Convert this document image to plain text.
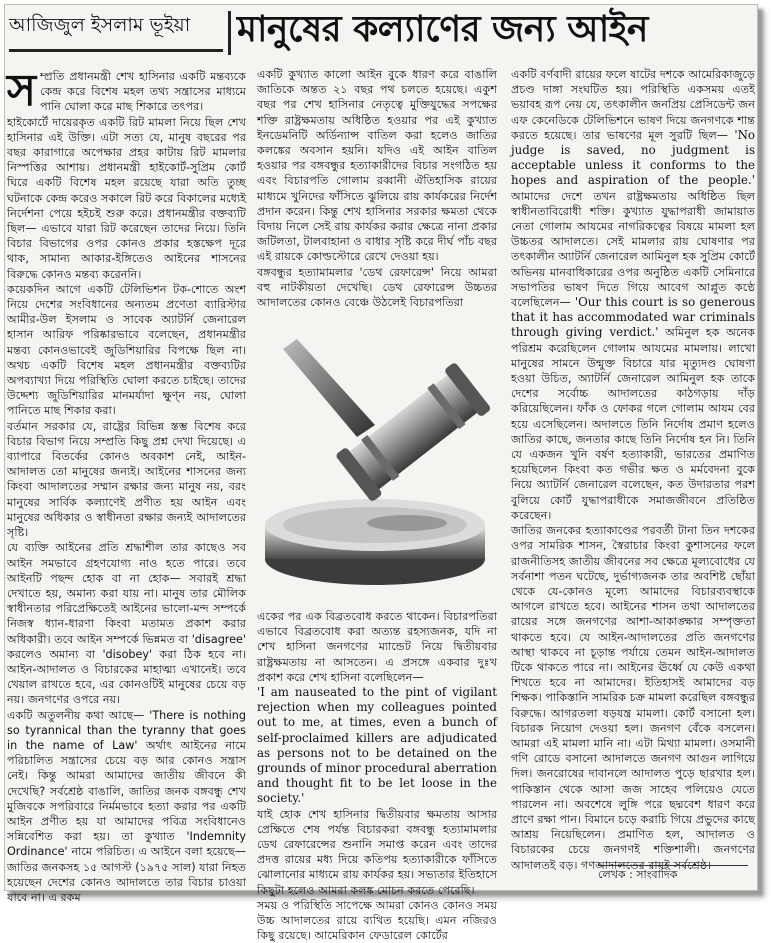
আজিজুল ইসলাম ভূইয়া	মানুষের কল্যাণের জন্য আইন

স ম্প্রতি প্রধানমন্ত্রী শেখ হাসিনার একটি মন্তব্যকে কেন্দ্র করে বিশেষ মহল তথ্য সন্ত্রাসের মাধ্যমে পানি ঘোলা করে মাছ শিকারে তৎপর।

হাইকোর্টে দায়েরকৃত একটি রিট মামলা নিয়ে ছিল শেখ হাসিনার এই উক্তি। এটা সত্য যে, মানুষ বছরের পর বছর কারাগারে অপেক্ষার প্রহর কাটায় রিট মামলার নিস্পত্তির আশায়। প্রধানমন্ত্রী হাইকোর্ট-সুপ্রিম কোর্ট ঘিরে একটি বিশেষ মহল রয়েছে যারা অতি তুচ্ছ ঘটনাকে কেন্দ্র করেও সকালে রিট করে বিকালের মধ্যেই নির্দেশনা পেয়ে হইচই শুরু করে। প্রধানমন্ত্রীর বক্তব্যটি ছিল— এভাবে যারা রিট করেছেন তাদের নিয়ে। তিনি বিচার বিভাগের ওপর কোনও প্রকার হস্তক্ষেপ দূরে থাক, সামান্য আকার-ইঙ্গিতেও আইনের শাসনের বিরুদ্ধে কোনও মন্তব্য করেননি।

কয়েকদিন আগে একটি টেলিভিশন টক-শোতে অংশ নিয়ে দেশের সংবিধানের অন্যতম প্রণেতা ব্যারিস্টার আমীর-উল ইসলাম ও সাবেক অ্যাটর্নি জেনারেল হাসান আরিফ পরিষ্কারভাবে বলেছেন, প্রধানমন্ত্রীর মন্তব্য কোনওভাবেই জুডিশিয়ারির বিপক্ষে ছিল না। অথচ একটি বিশেষ মহল প্রধানমন্ত্রীর বক্তব্যটির অপব্যাখ্যা দিয়ে পরিস্থিতি ঘোলা করতে চাইছে। তাদের উদ্দেশ্য জুডিশিয়ারির মানমর্যাদা ক্ষুণ্ন নয়, ঘোলা পানিতে মাছ শিকার করা।

বর্তমান সরকার যে, রাষ্ট্রের বিভিন্ন স্তম্ভ বিশেষ করে বিচার বিভাগ নিয়ে সম্প্রতি কিছু প্রশ্ন দেখা দিয়েছে। এ ব্যাপারে বিতর্কের কোনও অবকাশ নেই, আইন-আদালত তো মানুষের জন্যই। আইনের শাসনের জন্য কিংবা আদালতের সম্মান রক্ষার জন্য মানুষ নয়, বরং মানুষের সার্বিক কল্যাণেই প্রণীত হয় আইন এবং মানুষের অধিকার ও স্বাধীনতা রক্ষার জন্যই আদালতের সৃষ্টি।

যে ব্যক্তি আইনের প্রতি শ্রদ্ধাশীল তার কাছেও সব আইন সমভাবে গ্রহণযোগ্য নাও হতে পারে। তবে আইনটি পছন্দ হোক বা না হোক— সবারই শ্রদ্ধা দেখাতে হয়, অমান্য করা যায় না। মানুষ তার মৌলিক স্বাধীনতার পরিপ্রেক্ষিতেই আইনের ভালো-মন্দ সম্পর্কে নিজস্ব ধ্যান-ধারণা কিংবা মতামত প্রকাশ করার অধিকারী। তবে আইন সম্পর্কে ভিন্নমত বা 'disagree' করলেও অমান্য বা 'disobey' করা ঠিক হবে না। আইন-আদালত ও বিচারকের মাহাত্ম্য এখানেই। তবে খেয়াল রাখতে হবে, এর কোনওটিই মানুষের চেয়ে বড় নয়। জনগণের ওপরে নয়।

একটি অতুলনীয় কথা আছে— 'There is nothing so tyrannical than the tyranny that goes in the name of Law' অর্থাৎ আইনের নামে পরিচালিত সন্ত্রাসের চেয়ে বড় আর কোনও সন্ত্রাস নেই। কিন্তু আমরা আমাদের জাতীয় জীবনে কী দেখেছি? সর্বশ্রেষ্ঠ বাঙালি, জাতির জনক বঙ্গবন্ধু শেখ মুজিবকে সপরিবারে নির্মমভাবে হত্যা করার পর একটি আইন প্রণীত হয় যা আমাদের পবিত্র সংবিধানেও সন্নিবেশিত করা হয়। তা কুখ্যাত 'Indemnity Ordinance' নামে পরিচিত। এ আইনে বলা হয়েছে— জাতির জনকসহ ১৫ আগস্ট (১৯৭৫ সাল) যারা নিহত হয়েছেন দেশের কোনও আদালতে তার বিচার চাওয়া যাবে না। এ রকম

একটি কুখ্যাত কালো আইন বুকে ধারণ করে বাঙালি জাতিকে অন্তত ২১ বছর পথ চলতে হয়েছে। একুশ বছর পর শেখ হাসিনার নেতৃত্বে মুক্তিযুদ্ধের সপক্ষের শক্তি রাষ্ট্রক্ষমতায় অধিষ্ঠিত হওয়ার পর এই কুখ্যাত ইনডেমনিটি অর্ডিন্যান্স বাতিল করা হলেও জাতির কলঙ্কের অবসান হয়নি। যদিও এই আইন বাতিল হওয়ার পর বঙ্গবন্ধুর হত্যাকারীদের বিচার সংগঠিত হয় এবং বিচারপতি গোলাম রব্বানী ঐতিহাসিক রায়ের মাধ্যমে খুনিদের ফাঁসিতে ঝুলিয়ে রায় কার্যকরের নির্দেশ প্রদান করেন। কিন্তু শেখ হাসিনার সরকার ক্ষমতা থেকে বিদায় নিলে সেই রায় কার্যকর করার ক্ষেত্রে নানা প্রকার জটিলতা, টালবাহানা ও বাধার সৃষ্টি করে দীর্ঘ পাঁচ বছর এই রায়কে কোল্ডস্টোরে রেখে দেওয়া হয়।

বঙ্গবন্ধুর হত্যামামলার 'ডেথ রেফারেন্স' নিয়ে আমরা বহু নাটকীয়তা দেখেছি। ডেথ রেফারেন্স উচ্চতর আদালতের কোনও বেঞ্চে উঠলেই বিচারপতিরা

একের পর এক বিব্রতবোধ করতে থাকেন। বিচারপতিরা এভাবে বিব্রতবোধ করা অত্যন্ত রহস্যজনক, যদি না শেখ হাসিনা জনগণের ম্যান্ডেট নিয়ে দ্বিতীয়বার রাষ্ট্রক্ষমতায় না আসতেন। এ প্রসঙ্গে একবার দুঃখ প্রকাশ করে শেখ হাসিনা বলেছিলেন—

'I am nauseated to the pint of vigilant rejection when my colleagues pointed out to me, at times, even a bunch of self-proclaimed killers are adjudicated as persons not to be detained on the grounds of minor procedural aberration and thought fit to be let loose in the society.'

যাই হোক শেখ হাসিনার দ্বিতীয়বার ক্ষমতায় আসার প্রেক্ষিতে শেষ পর্যন্ত বিচারকরা বঙ্গবন্ধু হত্যামামলার ডেথ রেফারেন্সের শুনানি সমাপ্ত করেন এবং তাদের প্রদত্ত রায়ের মধ্য দিয়ে কতিপয় হত্যাকারীকে ফাঁসিতে ঝোলানোর মাধ্যমে রায় কার্যকর হয়। সভ্যতার ইতিহাসে কিছুটা হলেও আমরা কলঙ্ক মোচন করতে পেরেছি।

সময় ও পরিস্থিতি সাপেক্ষে আমরা কোনও কোনও সময় উচ্চ আদালতের রায়ে ব্যথিত হয়েছি। এমন নজিরও কিছু রয়েছে। আমেরিকান ফেডারেল কোর্টের

একটি বর্ণবাদী রায়ের ফলে ষাটের দশকে আমেরিকাজুড়ে প্রচণ্ড দাঙ্গা সংঘটিত হয়। পরিস্থিতি একসময় এতই ভয়াবহ রূপ নেয় যে, তৎকালীন জনপ্রিয় প্রেসিডেন্ট জন এফ কেনেডিকে টেলিভিশনে ভাষণ দিয়ে জনগণকে শান্ত করতে হয়েছে। তার ভাষণের মূল সুরটি ছিল— 'No judge is saved, no judgment is acceptable unless it conforms to the hopes and aspiration of the people.' আমাদের দেশে তখন রাষ্ট্রক্ষমতায় অধিষ্ঠিত ছিল স্বাধীনতাবিরোধী শক্তি। কুখ্যাত যুদ্ধাপরাধী জামায়াত নেতা গোলাম আযমের নাগরিকত্বের বিষয়ে মামলা হল উচ্চতর আদালতে। সেই মামলার রায় ঘোষণার পর তৎকালীন অ্যাটর্নি জেনারেল আমিনুল হক সুপ্রিম কোর্টে অভিনয় মানবাধিকারের ওপর অনুষ্ঠিত একটি সেমিনারে সভাপতির ভাষণ দিতে গিয়ে আবেগ আপ্লুত কণ্ঠে বলেছিলেন— 'Our this court is so generous that it has accommodated war criminals through giving verdict.' অমিনুল হক অনেক পরিশ্রম করেছিলেন গোলাম আযমের মামলায়। লাখো মানুষের সামনে উন্মুক্ত বিচারে যার মৃত্যুদণ্ড ঘোষণা হওয়া উচিত, অ্যাটর্নি জেনারেল আমিনুল হক তাকে দেশের সর্বোচ্চ আদালতের কাঠগড়ায় দাঁড় করিয়েছিলেন। ফাঁক ও ফোকর গলে গোলাম আযম বের হয়ে এসেছিলেন। অদালতে তিনি নির্দোষ প্রমাণ হলেও জাতির কাছে, জনতার কাছে তিনি নির্দোষ হন নি। তিনি যে একজন খুনি বর্ষণ হত্যাকারী, ভারতের প্রমাণিত হয়েছিলেন কিংবা কত গভীর ক্ষত ও মর্মবেদনা বুকে নিয়ে অ্যাটর্নি জেনারেল বলেছেন, কত উদারতার পরশ বুলিয়ে কোর্ট যুদ্ধাপরাধীকে সমাজজীবনে প্রতিষ্ঠিত করেছেন।

জাতির জনকের হত্যাকাণ্ডের পরবর্তী টানা তিন দশকের ওপর সামরিক শাসন, স্বৈরাচার কিংবা কুশাসনের ফলে রাজনীতিসহ জাতীয় জীবনের সব ক্ষেত্রে মূল্যবোধের যে সর্বনাশা পতন ঘটেছে, দুর্ভাগ্যজনক তার অবশিষ্ট ছোঁয়া থেকে যে-কোনও মূল্যে আমাদের বিচারব্যবস্থাকে আগলে রাখতে হবে। আইনের শাসন তথা আদালতের রায়ের সঙ্গে জনগণের আশা-আকাঙ্ক্ষার সম্পৃক্ততা থাকতে হবে। যে আইন-আদালতের প্রতি জনগণের আস্থা থাকবে না চূড়ান্ত পর্যায়ে তেমন আইন-আদালত টিকে থাকতে পারে না। আইনের ঊর্ধ্বে যে কেউ একথা শিখতে হবে না আমাদের। ইতিহাসই আমাদের বড় শিক্ষক। পাকিস্তানি সামরিক চক্র মামলা করেছিল বঙ্গবন্ধুর বিরুদ্ধে। আগরতলা ষড়যন্ত্র মামলা। কোর্ট বসানো হল। বিচারক নিয়োগ দেওয়া হল। জনগণ বেঁকে বসলেন। আমরা এই মামলা মানি না। এটা মিথ্যা মামলা। ওসমানী গণি রোডে বসানো আদালতে জনগণ আগুন লাগিয়ে দিল। জনরোষের দাবানলে আদালত পুড়ে ছারখার হল। পাকিস্তান থেকে আসা জজ সাহেব পলিয়েও যেতে পারলেন না। অবশেষে লুঙ্গি পরে ছদ্মবেশ ধারণ করে প্রাণে রক্ষা পান। বিমানে চড়ে করাচি গিয়ে প্রভুদের কাছে আশ্রয় নিয়েছিলেন। প্রমাণিত হল, আদালত ও বিচারকের চেয়ে জনগণই শক্তিশালী। জনগণের আদালতই বড়। গণআদালতের রায়ই সর্বশ্রেষ্ঠ।

লেখক : সাংবাদিক
